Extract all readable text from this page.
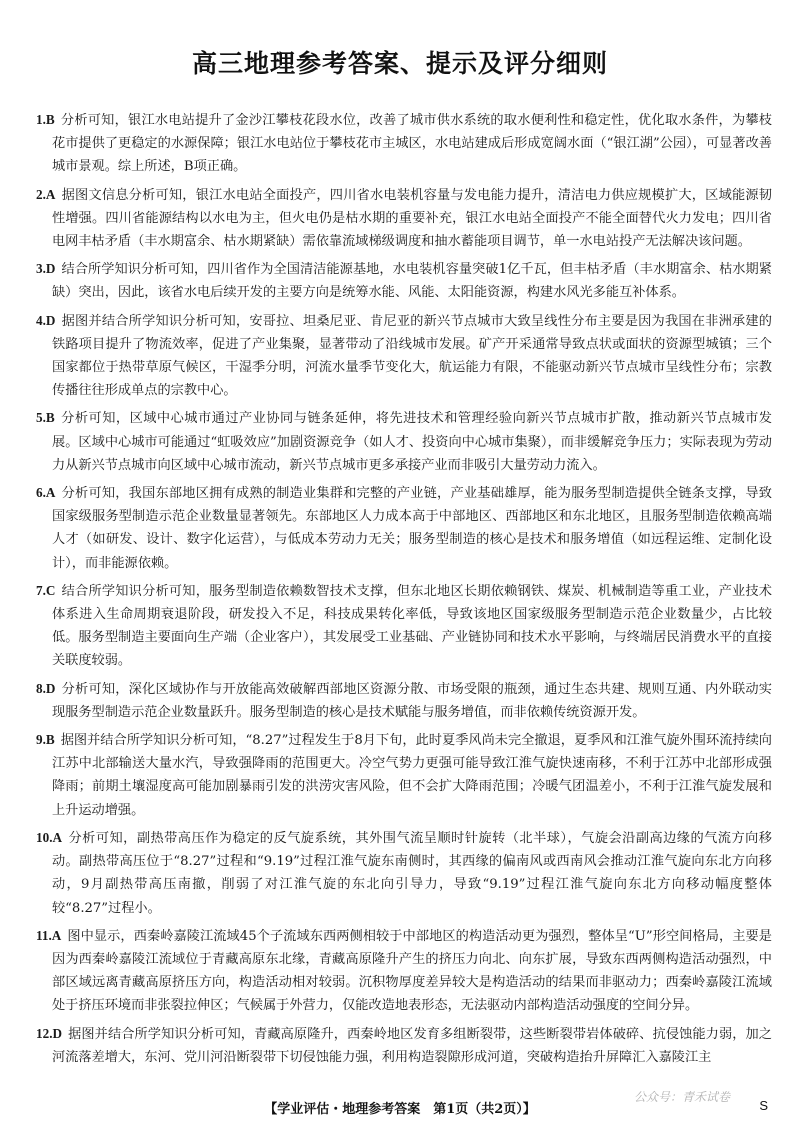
高三地理参考答案、提示及评分细则
1.B 分析可知，银江水电站提升了金沙江攀枝花段水位，改善了城市供水系统的取水便利性和稳定性，优化取水条件，为攀枝花市提供了更稳定的水源保障；银江水电站位于攀枝花市主城区，水电站建成后形成宽阔水面（“银江湖”公园），可显著改善城市景观。综上所述，B项正确。
2.A 据图文信息分析可知，银江水电站全面投产，四川省水电装机容量与发电能力提升，清洁电力供应规模扩大，区域能源韧性增强。四川省能源结构以水电为主，但火电仍是枯水期的重要补充，银江水电站全面投产不能全面替代火力发电；四川省电网丰枯矛盾（丰水期富余、枯水期紧缺）需依靠流域梯级调度和抽水蓄能项目调节，单一水电站投产无法解决该问题。
3.D 结合所学知识分析可知，四川省作为全国清洁能源基地，水电装机容量突破1亿千瓦，但丰枯矛盾（丰水期富余、枯水期紧缺）突出，因此，该省水电后续开发的主要方向是统筹水能、风能、太阳能资源，构建水风光多能互补体系。
4.D 据图并结合所学知识分析可知，安哥拉、坦桑尼亚、肯尼亚的新兴节点城市大致呈线性分布主要是因为我国在非洲承建的铁路项目提升了物流效率，促进了产业集聚，显著带动了沿线城市发展。矿产开采通常导致点状或面状的资源型城镇；三个国家都位于热带草原气候区，干湿季分明，河流水量季节变化大，航运能力有限，不能驱动新兴节点城市呈线性分布；宗教传播往往形成单点的宗教中心。
5.B 分析可知，区域中心城市通过产业协同与链条延伸，将先进技术和管理经验向新兴节点城市扩散，推动新兴节点城市发展。区域中心城市可能通过“虹吸效应”加剧资源竞争（如人才、投资向中心城市集聚），而非缓解竞争压力；实际表现为劳动力从新兴节点城市向区域中心城市流动，新兴节点城市更多承接产业而非吸引大量劳动力流入。
6.A 分析可知，我国东部地区拥有成熟的制造业集群和完整的产业链，产业基础雄厚，能为服务型制造提供全链条支撑，导致国家级服务型制造示范企业数量显著领先。东部地区人力成本高于中部地区、西部地区和东北地区，且服务型制造依赖高端人才（如研发、设计、数字化运营），与低成本劳动力无关；服务型制造的核心是技术和服务增值（如远程运维、定制化设计），而非能源依赖。
7.C 结合所学知识分析可知，服务型制造依赖数智技术支撑，但东北地区长期依赖钢铁、煤炭、机械制造等重工业，产业技术体系进入生命周期衰退阶段，研发投入不足，科技成果转化率低，导致该地区国家级服务型制造示范企业数量少，占比较低。服务型制造主要面向生产端（企业客户），其发展受工业基础、产业链协同和技术水平影响，与终端居民消费水平的直接关联度较弱。
8.D 分析可知，深化区域协作与开放能高效破解西部地区资源分散、市场受限的瓶颈，通过生态共建、规则互通、内外联动实现服务型制造示范企业数量跃升。服务型制造的核心是技术赋能与服务增值，而非依赖传统资源开发。
9.B 据图并结合所学知识分析可知，“8.27”过程发生于8月下旬，此时夏季风尚未完全撤退，夏季风和江淮气旋外围环流持续向江苏中北部输送大量水汽，导致强降雨的范围更大。冷空气势力更强可能导致江淮气旋快速南移，不利于江苏中北部形成强降雨；前期土壤湿度高可能加剧暴雨引发的洪涝灾害风险，但不会扩大降雨范围；冷暖气团温差小，不利于江淮气旋发展和上升运动增强。
10.A 分析可知，副热带高压作为稳定的反气旋系统，其外围气流呈顺时针旋转（北半球），气旋会沿副高边缘的气流方向移动。副热带高压位于“8.27”过程和“9.19”过程江淮气旋东南侧时，其西缘的偏南风或西南风会推动江淮气旋向东北方向移动，9月副热带高压南撤，削弱了对江淮气旋的东北向引导力，导致“9.19”过程江淮气旋向东北方向移动幅度整体较“8.27”过程小。
11.A 图中显示，西秦岭嘉陵江流域45个子流域东西两侧相较于中部地区的构造活动更为强烈，整体呈“U”形空间格局，主要是因为西秦岭嘉陵江流域位于青藏高原东北缘，青藏高原隆升产生的挤压力向北、向东扩展，导致东西两侧构造活动强烈，中部区域远离青藏高原挤压方向，构造活动相对较弱。沉积物厚度差异较大是构造活动的结果而非驱动力；西秦岭嘉陵江流域处于挤压环境而非张裂拉伸区；气候属于外营力，仅能改造地表形态，无法驱动内部构造活动强度的空间分异。
12.D 据图并结合所学知识分析可知，青藏高原隆升，西秦岭地区发育多组断裂带，这些断裂带岩体破碎、抗侵蚀能力弱，加之河流落差增大，东河、党川河沿断裂带下切侵蚀能力强，利用构造裂隙形成河道，突破构造抬升屏障汇入嘉陵江主
公众号：青禾试卷
【学业评估・地理参考答案　第1页（共2页）】	S
